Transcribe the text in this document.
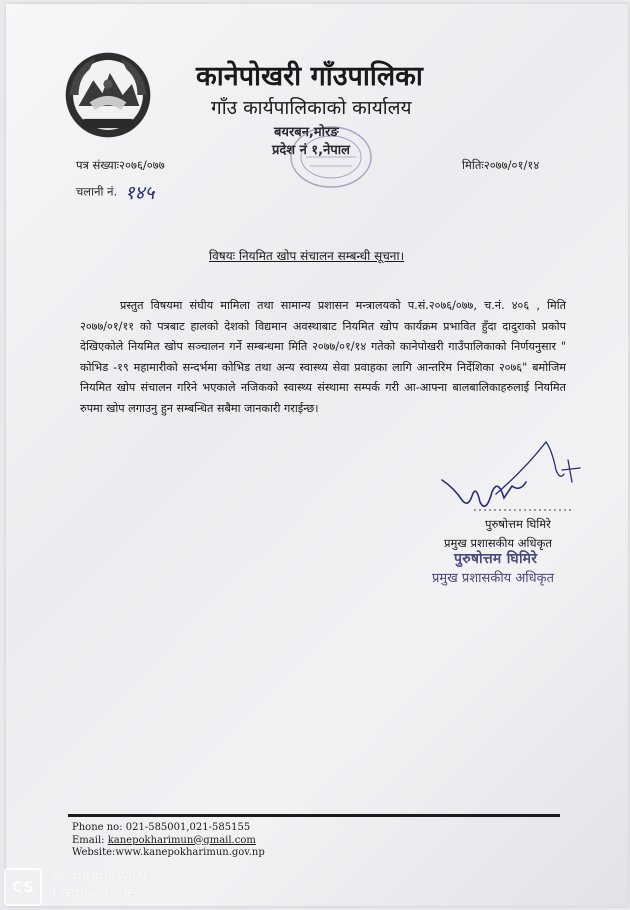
कानेपोखरी गाँउपालिका
गाँउ कार्यपालिकाको कार्यालय
बयरबन,मोरङ
प्रदेश नं १,नेपाल
पत्र संख्याः२०७६/०७७
चलानी नं. १४५
मितिः२०७७/०१/१४
विषयः नियमित खोप संचालन सम्बन्धी सूचना।

प्रस्तुत विषयमा संघीय मामिला तथा सामान्य प्रशासन मन्त्रालयको प.सं.२०७६/०७७, च.नं. ४०६ , मिति २०७७/०१/११ को पत्रबाट हालको देशको विद्यमान अवस्थाबाट नियमित खोप कार्यक्रम प्रभावित हुँदा दादुराको प्रकोप देखिएकोले नियमित खोप सञ्चालन गर्ने सम्बन्धमा मिति २०७७/०१/१४ गतेको कानेपोखरी गाउँपालिकाको निर्णयनुसार " कोभिड -१९ महामारीको सन्दर्भमा कोभिड तथा अन्य स्वास्थ्य सेवा प्रवाहका लागि आन्तरिम निर्देशिका २०७६" बमोजिम नियमित खोप संचालन गरिने भएकाले नजिकको स्वास्थ्य संस्थामा सम्पर्क गरी आ-आफ्ना बालबालिकाहरुलाई नियमित रुपमा खोप लगाउनु हुन सम्बन्धित सबैमा जानकारी गराईन्छ।

पुरुषोत्तम घिमिरे
प्रमुख प्रशासकीय अधिकृत
पुरुषोत्तम घिमिरे
प्रमुख प्रशासकीय अधिकृत
Phone no: 021-585001,021-585155
Email: kanepokharimun@gmail.com
Website:www.kanepokharimun.gov.np
CS
Scanned with
CamScanner
